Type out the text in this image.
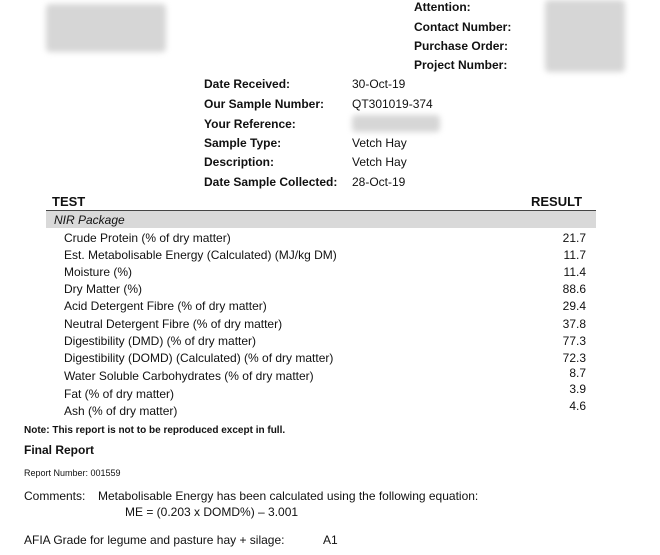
Attention:
Contact Number:
Purchase Order:
Project Number:
Date Received:	30-Oct-19
Our Sample Number: QT301019-374
Your Reference:
Sample Type:	Vetch Hay
Description:	Vetch Hay
Date Sample Collected: 28-Oct-19
TEST	RESULT
NIR Package
Crude Protein (% of dry matter)	21.7
Est. Metabolisable Energy (Calculated) (MJ/kg DM)	11.7
Moisture (%)	11.4
Dry Matter (%)	88.6
Acid Detergent Fibre (% of dry matter)	29.4
Neutral Detergent Fibre (% of dry matter)	37.8
Digestibility (DMD) (% of dry matter)	77.3
Digestibility (DOMD) (Calculated) (% of dry matter)	72.3
Water Soluble Carbohydrates (% of dry matter)	8.7
Fat (% of dry matter)	3.9
Ash (% of dry matter)	4.6
Note: This report is not to be reproduced except in full.
Final Report
Report Number: 001559
Comments: Metabolisable Energy has been calculated using the following equation:
ME = (0.203 x DOMD%) – 3.001
AFIA Grade for legume and pasture hay + silage:	A1
